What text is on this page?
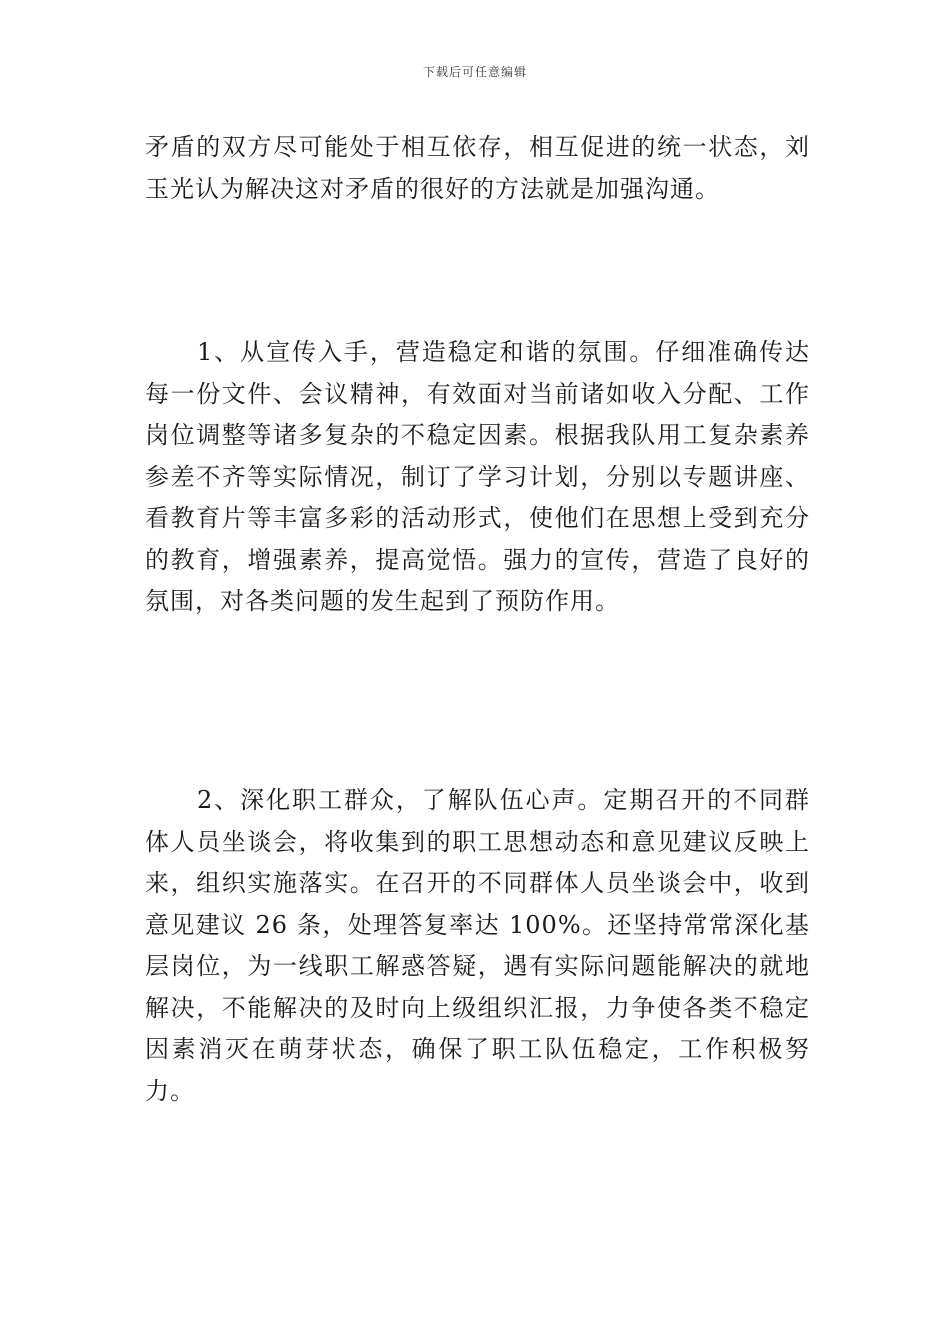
下载后可任意编辑

矛盾的双方尽可能处于相互依存，相互促进的统一状态，刘玉光认为解决这对矛盾的很好的方法就是加强沟通。

1、从宣传入手，营造稳定和谐的氛围。仔细准确传达每一份文件、会议精神，有效面对当前诸如收入分配、工作岗位调整等诸多复杂的不稳定因素。根据我队用工复杂素养参差不齐等实际情况，制订了学习计划，分别以专题讲座、看教育片等丰富多彩的活动形式，使他们在思想上受到充分的教育，增强素养，提高觉悟。强力的宣传，营造了良好的氛围，对各类问题的发生起到了预防作用。

2、深化职工群众，了解队伍心声。定期召开的不同群体人员坐谈会，将收集到的职工思想动态和意见建议反映上来，组织实施落实。在召开的不同群体人员坐谈会中，收到意见建议 26 条，处理答复率达 100%。还坚持常常深化基层岗位，为一线职工解惑答疑，遇有实际问题能解决的就地解决，不能解决的及时向上级组织汇报，力争使各类不稳定因素消灭在萌芽状态，确保了职工队伍稳定，工作积极努力。
